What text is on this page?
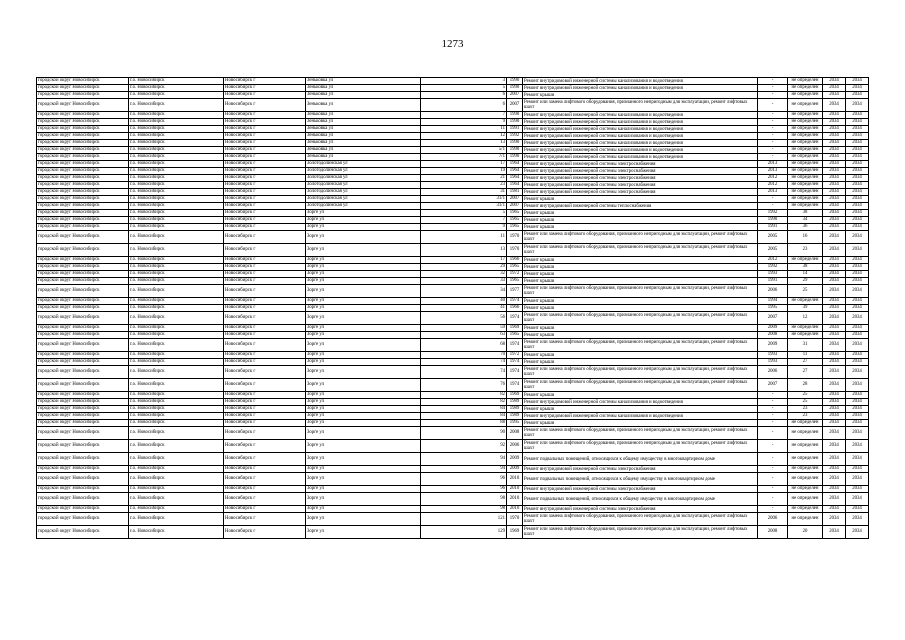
1273
городской округ Новосибирск	г.о. Новосибирск	Новосибирск г	Зеньковка ул	3	1990	Ремонт внутридомовой инженерной системы канализования и водоотведения	-	не определен	2034	2034
городской округ Новосибирск	г.о. Новосибирск	Новосибирск г	Зеньковка ул	5	1990	Ремонт внутридомовой инженерной системы канализования и водоотведения	-	не определен	2034	2034
городской округ Новосибирск	г.о. Новосибирск	Новосибирск г	Зеньковка ул	6	2007	Ремонт крыши	-	не определен	2034	2034
городской округ Новосибирск	г.о. Новосибирск	Новосибирск г	Зеньковка ул	6	2007	Ремонт или замена лифтового оборудования, признанного непригодным для эксплуатации, ремонт лифтовых шахт	-	не определен	2034	2034
городской округ Новосибирск	г.о. Новосибирск	Новосибирск г	Зеньковка ул	7	1990	Ремонт внутридомовой инженерной системы канализования и водоотведения	-	не определен	2034	2034
городской округ Новосибирск	г.о. Новосибирск	Новосибирск г	Зеньковка ул	9	1990	Ремонт внутридомовой инженерной системы канализования и водоотведения	-	не определен	2034	2034
городской округ Новосибирск	г.о. Новосибирск	Новосибирск г	Зеньковка ул	11	1991	Ремонт внутридомовой инженерной системы канализования и водоотведения	-	не определен	2034	2034
городской округ Новосибирск	г.о. Новосибирск	Новосибирск г	Зеньковка ул	12	1992	Ремонт внутридомовой инженерной системы канализования и водоотведения	-	не определен	2034	2034
городской округ Новосибирск	г.о. Новосибирск	Новосибирск г	Зеньковка ул	13	1990	Ремонт внутридомовой инженерной системы канализования и водоотведения	-	не определен	2034	2034
городской округ Новосибирск	г.о. Новосибирск	Новосибирск г	Зеньковка ул	5/1	1990	Ремонт внутридомовой инженерной системы канализования и водоотведения	-	не определен	2034	2034
городской округ Новосибирск	г.о. Новосибирск	Новосибирск г	Зеньковка ул	7/1	1990	Ремонт внутридомовой инженерной системы канализования и водоотведения	-	не определен	2034	2034
городской округ Новосибирск	г.о. Новосибирск	Новосибирск г	Золотодолинская ул	17	1964	Ремонт внутридомовой инженерной системы электроснабжения	2013	не определен	2034	2034
городской округ Новосибирск	г.о. Новосибирск	Новосибирск г	Золотодолинская ул	19	1964	Ремонт внутридомовой инженерной системы электроснабжения	2013	не определен	2034	2034
городской округ Новосибирск	г.о. Новосибирск	Новосибирск г	Золотодолинская ул	21	1964	Ремонт внутридомовой инженерной системы электроснабжения	2012	не определен	2034	2034
городской округ Новосибирск	г.о. Новосибирск	Новосибирск г	Золотодолинская ул	23	1964	Ремонт внутридомовой инженерной системы электроснабжения	2012	не определен	2034	2034
городской округ Новосибирск	г.о. Новосибирск	Новосибирск г	Золотодолинская ул	31	1981	Ремонт внутридомовой инженерной системы электроснабжения	2013	не определен	2034	2034
городской округ Новосибирск	г.о. Новосибирск	Новосибирск г	Золотодолинская ул	31/1	2007	Ремонт крыши	-	не определен	2034	2034
городской округ Новосибирск	г.о. Новосибирск	Новосибирск г	Золотодолинская ул	31/1	2007	Ремонт внутридомовой инженерной системы теплоснабжения	-	не определен	2034	2034
городской округ Новосибирск	г.о. Новосибирск	Новосибирск г	Зорге ул	5	1965	Ремонт крыши	1992	38	2034	2034
городской округ Новосибирск	г.о. Новосибирск	Новосибирск г	Зорге ул	7	1965	Ремонт крыши	1990	34	2034	2034
городской округ Новосибирск	г.о. Новосибирск	Новосибирск г	Зорге ул	9	1965	Ремонт крыши	1991	36	2034	2034
городской округ Новосибирск	г.о. Новосибирск	Новосибирск г	Зорге ул	11	1970	Ремонт или замена лифтового оборудования, признанного непригодным для эксплуатации, ремонт лифтовых шахт	2005	16	2034	2034
городской округ Новосибирск	г.о. Новосибирск	Новосибирск г	Зорге ул	13	1970	Ремонт или замена лифтового оборудования, признанного непригодным для эксплуатации, ремонт лифтовых шахт	2005	23	2034	2034
городской округ Новосибирск	г.о. Новосибирск	Новосибирск г	Зорге ул	17	1966	Ремонт крыши	2012	не определен	2034	2034
городской округ Новосибирск	г.о. Новосибирск	Новосибирск г	Зорге ул	29	1965	Ремонт крыши	1992	38	2034	2034
городской округ Новосибирск	г.о. Новосибирск	Новосибирск г	Зорге ул	32	1972	Ремонт крыши	1993	14	2034	2034
городской округ Новосибирск	г.о. Новосибирск	Новосибирск г	Зорге ул	33	1965	Ремонт крыши	1991	29	2034	2034
городской округ Новосибирск	г.о. Новосибирск	Новосибирск г	Зорге ул	34	1977	Ремонт или замена лифтового оборудования, признанного непригодным для эксплуатации, ремонт лифтовых шахт	2006	25	2034	2034
городской округ Новосибирск	г.о. Новосибирск	Новосибирск г	Зорге ул	40	1974	Ремонт крыши	1994	не определен	2034	2034
городской округ Новосибирск	г.о. Новосибирск	Новосибирск г	Зорге ул	41	1966	Ремонт крыши	1995	39	2034	2034
городской округ Новосибирск	г.о. Новосибирск	Новосибирск г	Зорге ул	56	1974	Ремонт или замена лифтового оборудования, признанного непригодным для эксплуатации, ремонт лифтовых шахт	2007	12	2034	2034
городской округ Новосибирск	г.о. Новосибирск	Новосибирск г	Зорге ул	59	1969	Ремонт крыши	2009	не определен	2034	2034
городской округ Новосибирск	г.о. Новосибирск	Новосибирск г	Зорге ул	63	1965	Ремонт крыши	2008	не определен	2034	2034
городской округ Новосибирск	г.о. Новосибирск	Новосибирск г	Зорге ул	68	1974	Ремонт или замена лифтового оборудования, признанного непригодным для эксплуатации, ремонт лифтовых шахт	2009	31	2034	2034
городской округ Новосибирск	г.о. Новосибирск	Новосибирск г	Зорге ул	70	1972	Ремонт крыши	1993	11	2034	2034
городской округ Новосибирск	г.о. Новосибирск	Новосибирск г	Зорге ул	74	1974	Ремонт крыши	1993	27	2034	2034
городской округ Новосибирск	г.о. Новосибирск	Новосибирск г	Зорге ул	74	1974	Ремонт или замена лифтового оборудования, признанного непригодным для эксплуатации, ремонт лифтовых шахт	2006	27	2034	2034
городской округ Новосибирск	г.о. Новосибирск	Новосибирск г	Зорге ул	76	1974	Ремонт или замена лифтового оборудования, признанного непригодным для эксплуатации, ремонт лифтовых шахт	2007	28	2034	2034
городской округ Новосибирск	г.о. Новосибирск	Новосибирск г	Зорге ул	82	1969	Ремонт крыши	-	25	2034	2034
городской округ Новосибирск	г.о. Новосибирск	Новосибирск г	Зорге ул	82	1989	Ремонт внутридомовой инженерной системы канализования и водоотведения	-	25	2034	2034
городской округ Новосибирск	г.о. Новосибирск	Новосибирск г	Зорге ул	84	1989	Ремонт крыши	-	23	2034	2034
городской округ Новосибирск	г.о. Новосибирск	Новосибирск г	Зорге ул	84	1989	Ремонт внутридомовой инженерной системы канализования и водоотведения	-	23	2034	2034
городской округ Новосибирск	г.о. Новосибирск	Новосибирск г	Зорге ул	88	1995	Ремонт крыши	-	не определен	2034	2034
городской округ Новосибирск	г.о. Новосибирск	Новосибирск г	Зорге ул	90	2008	Ремонт или замена лифтового оборудования, признанного непригодным для эксплуатации, ремонт лифтовых шахт	-	не определен	2034	2034
городской округ Новосибирск	г.о. Новосибирск	Новосибирск г	Зорге ул	92	2006	Ремонт или замена лифтового оборудования, признанного непригодным для эксплуатации, ремонт лифтовых шахт	-	не определен	2034	2034
городской округ Новосибирск	г.о. Новосибирск	Новосибирск г	Зорге ул	94	2009	Ремонт подвальных помещений, относящихся к общему имуществу в многоквартирном доме	-	не определен	2034	2034
городской округ Новосибирск	г.о. Новосибирск	Новосибирск г	Зорге ул	94	2009	Ремонт внутридомовой инженерной системы электроснабжения	-	не определен	2034	2034
городской округ Новосибирск	г.о. Новосибирск	Новосибирск г	Зорге ул	96	2010	Ремонт подвальных помещений, относящихся к общему имуществу в многоквартирном доме	-	не определен	2034	2034
городской округ Новосибирск	г.о. Новосибирск	Новосибирск г	Зорге ул	96	2010	Ремонт внутридомовой инженерной системы электроснабжения	-	не определен	2034	2034
городской округ Новосибирск	г.о. Новосибирск	Новосибирск г	Зорге ул	98	2010	Ремонт подвальных помещений, относящихся к общему имуществу в многоквартирном доме	-	не определен	2034	2034
городской округ Новосибирск	г.о. Новосибирск	Новосибирск г	Зорге ул	98	2010	Ремонт внутридомовой инженерной системы электроснабжения	-	не определен	2034	2034
городской округ Новосибирск	г.о. Новосибирск	Новосибирск г	Зорге ул	121	1970	Ремонт или замена лифтового оборудования, признанного непригодным для эксплуатации, ремонт лифтовых шахт	2006	не определен	2034	2034
городской округ Новосибирск	г.о. Новосибирск	Новосибирск г	Зорге ул	129	1969	Ремонт или замена лифтового оборудования, признанного непригодным для эксплуатации, ремонт лифтовых шахт	2008	20	2034	2034
